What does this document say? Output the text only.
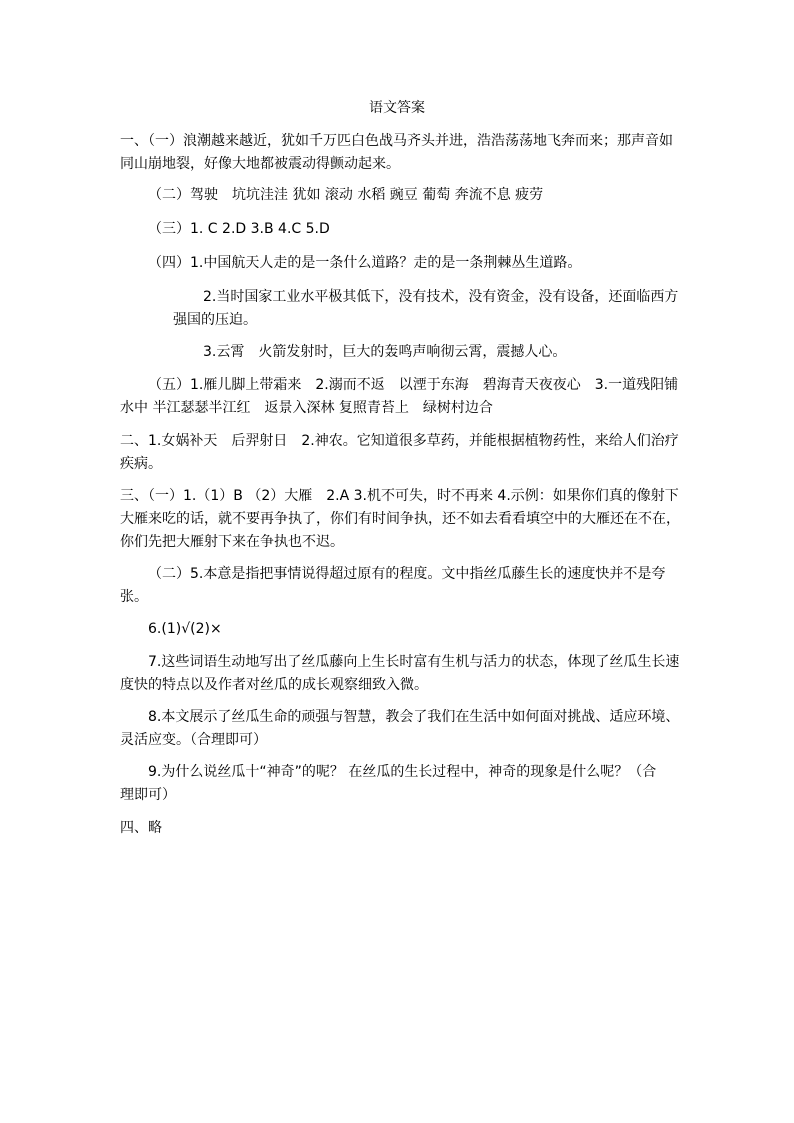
语文答案
一、（一）浪潮越来越近，犹如千万匹白色战马齐头并进，浩浩荡荡地飞奔而来；那声音如
同山崩地裂，好像大地都被震动得颤动起来。
（二）驾驶　坑坑洼洼 犹如 滚动 水稻 豌豆 葡萄 奔流不息 疲劳
（三）1. C 2.D 3.B 4.C 5.D
（四）1.中国航天人走的是一条什么道路？走的是一条荆棘丛生道路。
2.当时国家工业水平极其低下，没有技术，没有资金，没有设备，还面临西方
强国的压迫。
3.云霄　火箭发射时，巨大的轰鸣声响彻云霄，震撼人心。
（五）1.雁儿脚上带霜来　2.溺而不返　以湮于东海　碧海青天夜夜心　3.一道残阳铺
水中 半江瑟瑟半江红　返景入深林 复照青苔上　绿树村边合
二、1.女娲补天　后羿射日　2.神农。它知道很多草药，并能根据植物药性，来给人们治疗
疾病。
三、（一）1.（1）B （2）大雁　2.A 3.机不可失，时不再来 4.示例：如果你们真的像射下
大雁来吃的话，就不要再争执了，你们有时间争执，还不如去看看填空中的大雁还在不在，
你们先把大雁射下来在争执也不迟。
（二）5.本意是指把事情说得超过原有的程度。文中指丝瓜藤生长的速度快并不是夸
张。
6.(1)√(2)×
7.这些词语生动地写出了丝瓜藤向上生长时富有生机与活力的状态，体现了丝瓜生长速
度快的特点以及作者对丝瓜的成长观察细致入微。
8.本文展示了丝瓜生命的顽强与智慧，教会了我们在生活中如何面对挑战、适应环境、
灵活应变。（合理即可）
9.为什么说丝瓜十“神奇”的呢？ 在丝瓜的生长过程中，神奇的现象是什么呢？（合
理即可）
四、略
